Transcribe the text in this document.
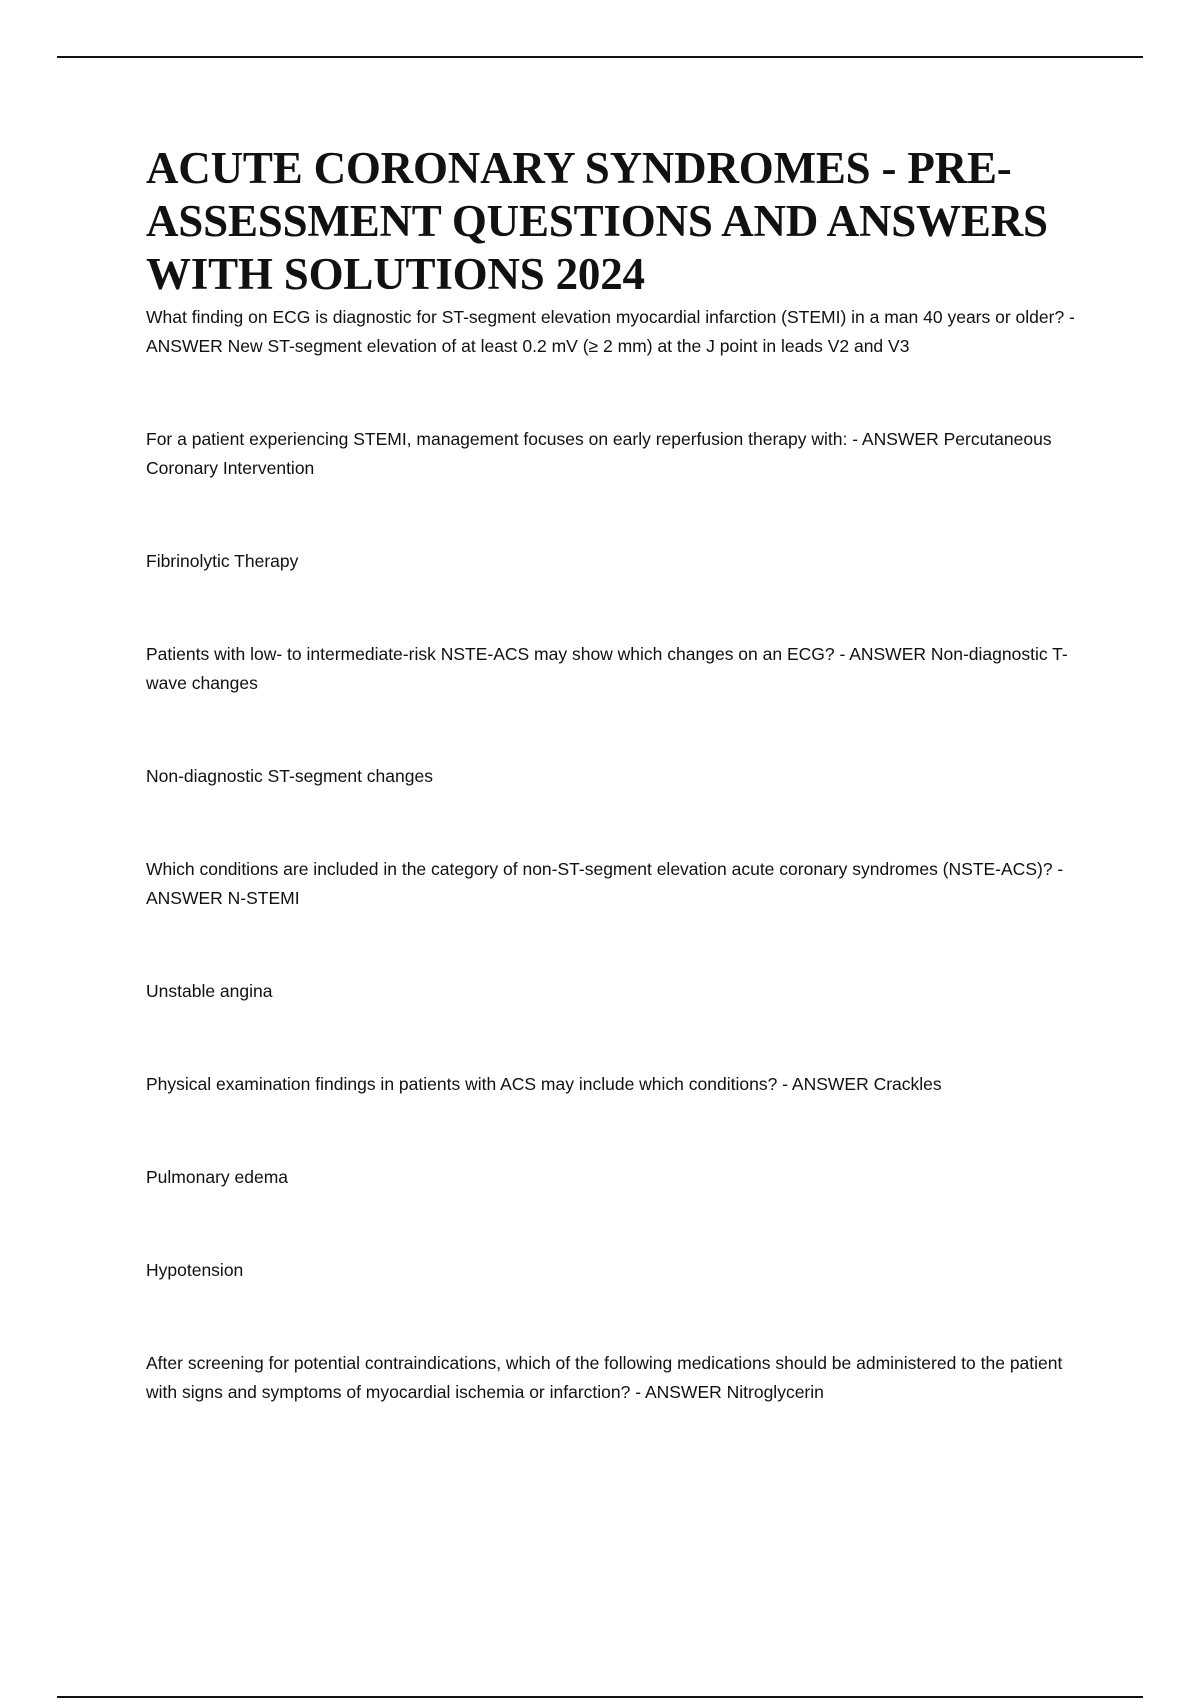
ACUTE CORONARY SYNDROMES - PRE-ASSESSMENT QUESTIONS AND ANSWERS WITH SOLUTIONS 2024

What finding on ECG is diagnostic for ST-segment elevation myocardial infarction (STEMI) in a man 40 years or older? - ANSWER New ST-segment elevation of at least 0.2 mV (≥ 2 mm) at the J point in leads V2 and V3

For a patient experiencing STEMI, management focuses on early reperfusion therapy with: - ANSWER Percutaneous Coronary Intervention

Fibrinolytic Therapy

Patients with low- to intermediate-risk NSTE-ACS may show which changes on an ECG? - ANSWER Non-diagnostic T-wave changes

Non-diagnostic ST-segment changes

Which conditions are included in the category of non-ST-segment elevation acute coronary syndromes (NSTE-ACS)? - ANSWER N-STEMI

Unstable angina

Physical examination findings in patients with ACS may include which conditions? - ANSWER Crackles

Pulmonary edema

Hypotension

After screening for potential contraindications, which of the following medications should be administered to the patient with signs and symptoms of myocardial ischemia or infarction? - ANSWER Nitroglycerin
